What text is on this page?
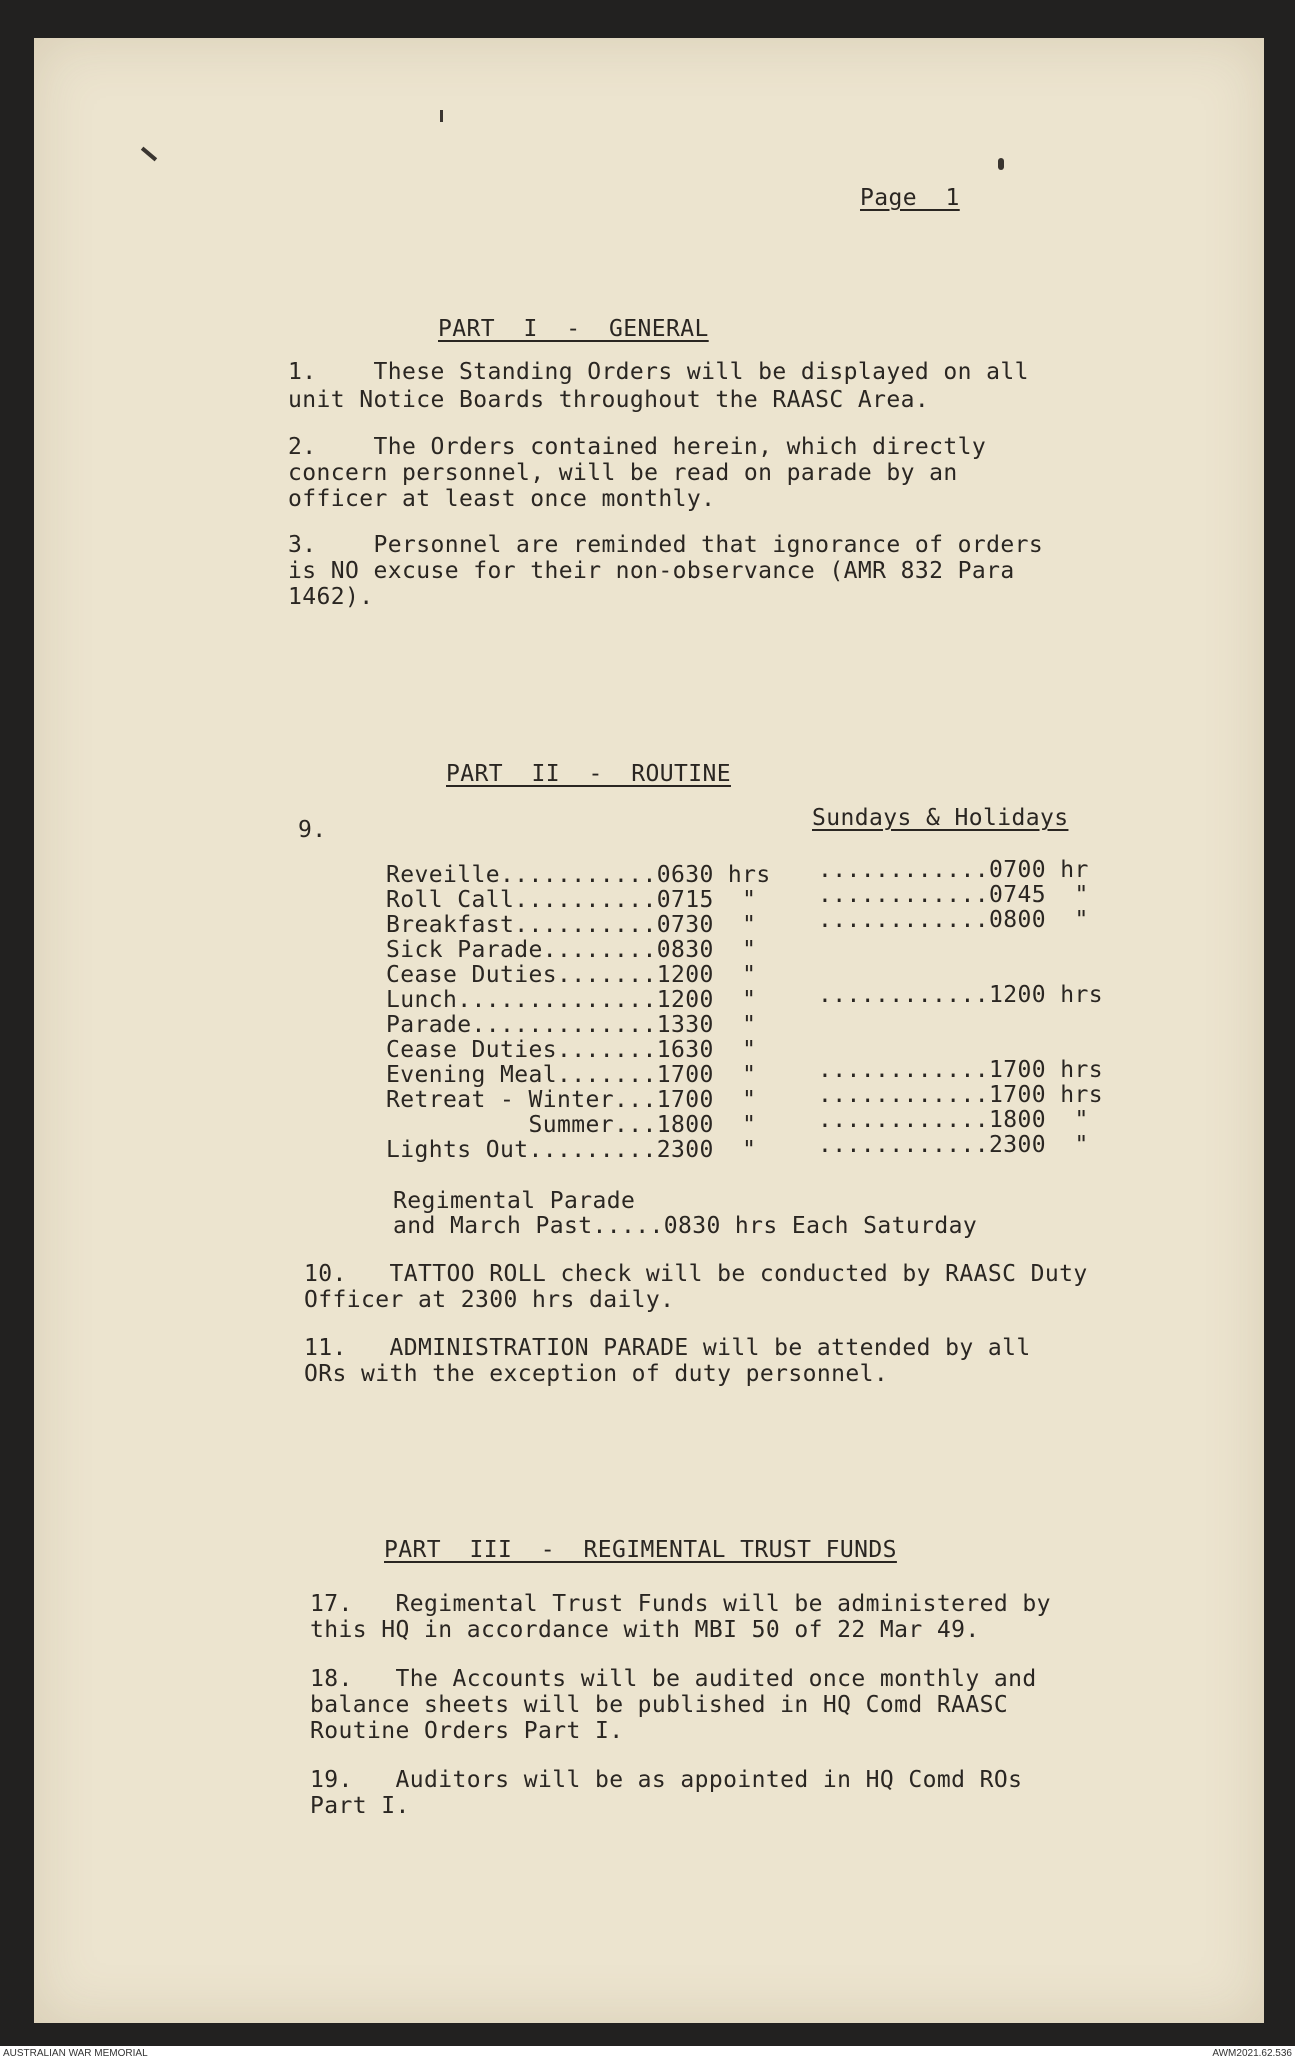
Page  1
PART  I  -  GENERAL
1.    These Standing Orders will be displayed on all
unit Notice Boards throughout the RAASC Area.
2.    The Orders contained herein, which directly
concern personnel, will be read on parade by an
officer at least once monthly.
3.    Personnel are reminded that ignorance of orders
is NO excuse for their non-observance (AMR 832 Para
1462).
PART  II  -  ROUTINE
9.	Sundays & Holidays
Reveille...........0630 hrs ............0700 hr
Roll Call..........0715  "	............0745  "
Breakfast..........0730  "	............0800  "
Sick Parade........0830  "
Cease Duties.......1200  "
Lunch..............1200  "	............1200 hrs
Parade.............1330  "
Cease Duties.......1630  "
Evening Meal.......1700  "	............1700 hrs
Retreat - Winter...1700  "	............1700 hrs
Summer...1800  "	............1800  "
Lights Out.........2300  "	............2300  "
Regimental Parade
and March Past.....0830 hrs Each Saturday
10.   TATTOO ROLL check will be conducted by RAASC Duty
Officer at 2300 hrs daily.
11.   ADMINISTRATION PARADE will be attended by all
ORs with the exception of duty personnel.
PART  III  -  REGIMENTAL TRUST FUNDS
17.   Regimental Trust Funds will be administered by
this HQ in accordance with MBI 50 of 22 Mar 49.
18.   The Accounts will be audited once monthly and
balance sheets will be published in HQ Comd RAASC
Routine Orders Part I.
19.   Auditors will be as appointed in HQ Comd ROs
Part I.
AUSTRALIAN WAR MEMORIAL	AWM2021.62.536
